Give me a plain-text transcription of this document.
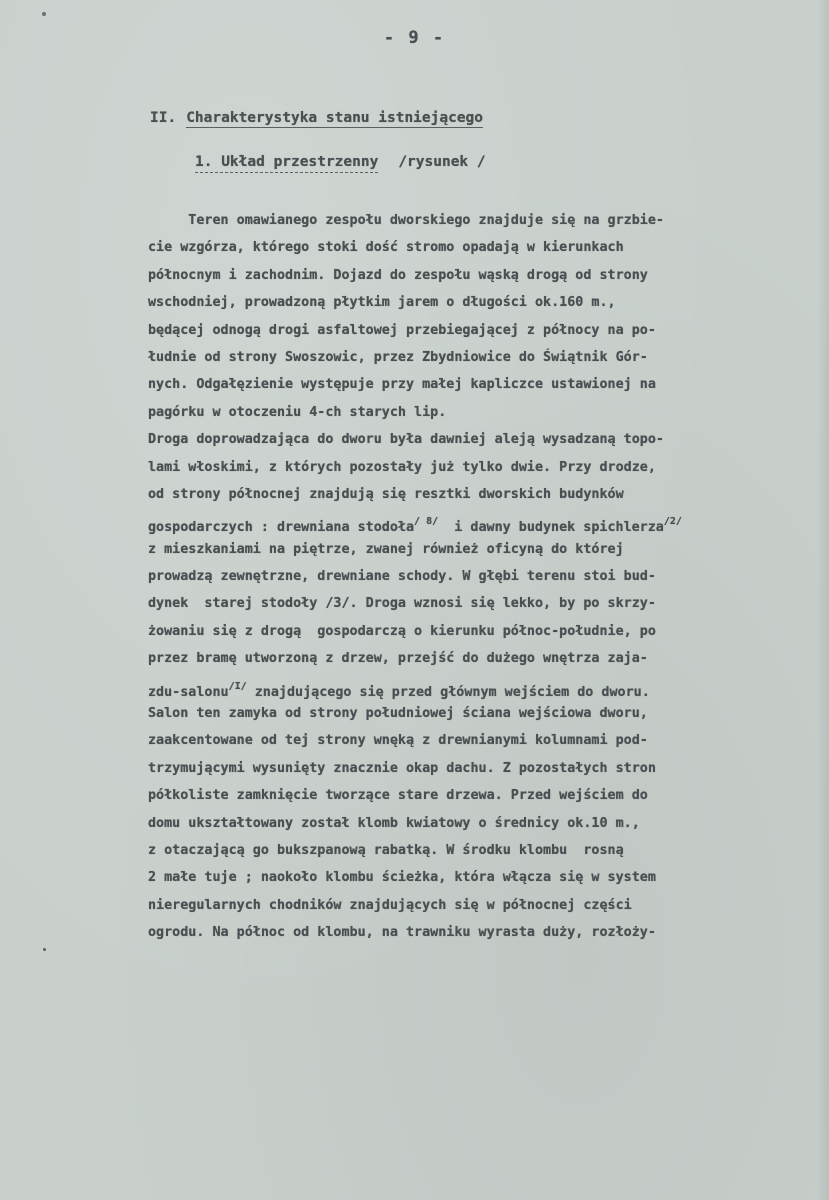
- 9 -
II. Charakterystyka stanu istniejącego
1. Układ przestrzenny /rysunek /
Teren omawianego zespołu dworskiego znajduje się na grzbie-
cie wzgórza, którego stoki dość stromo opadają w kierunkach
północnym i zachodnim. Dojazd do zespołu wąską drogą od strony
wschodniej, prowadzoną płytkim jarem o długości ok.160 m.,
będącej odnogą drogi asfaltowej przebiegającej z północy na po-
łudnie od strony Swoszowic, przez Zbydniowice do Świątnik Gór-
nych. Odgałęzienie występuje przy małej kapliczce ustawionej na
pagórku w otoczeniu 4-ch starych lip.
Droga doprowadzająca do dworu była dawniej aleją wysadzaną topo-
lami włoskimi, z których pozostały już tylko dwie. Przy drodze,
od strony północnej znajdują się resztki dworskich budynków
gospodarczych : drewniana stodoła$^{/ 8/}$  i dawny budynek spichlerza$^{/2/}$
z mieszkaniami na piętrze, zwanej również oficyną do której
prowadzą zewnętrzne, drewniane schody. W głębi terenu stoi bud-
dynek  starej stodoły /3/. Droga wznosi się lekko, by po skrzy-
żowaniu się z drogą  gospodarczą o kierunku północ-południe, po
przez bramę utworzoną z drzew, przejść do dużego wnętrza zaja-
zdu-salonu$^{/I/}$ znajdującego się przed głównym wejściem do dworu.
Salon ten zamyka od strony południowej ściana wejściowa dworu,
zaakcentowane od tej strony wnęką z drewnianymi kolumnami pod-
trzymującymi wysunięty znacznie okap dachu. Z pozostałych stron
półkoliste zamknięcie tworzące stare drzewa. Przed wejściem do
domu ukształtowany został klomb kwiatowy o średnicy ok.10 m.,
z otaczającą go bukszpanową rabatką. W środku klombu  rosną
2 małe tuje ; naokoło klombu ścieżka, która włącza się w system
nieregularnych chodników znajdujących się w północnej części
ogrodu. Na północ od klombu, na trawniku wyrasta duży, rozłoży-
